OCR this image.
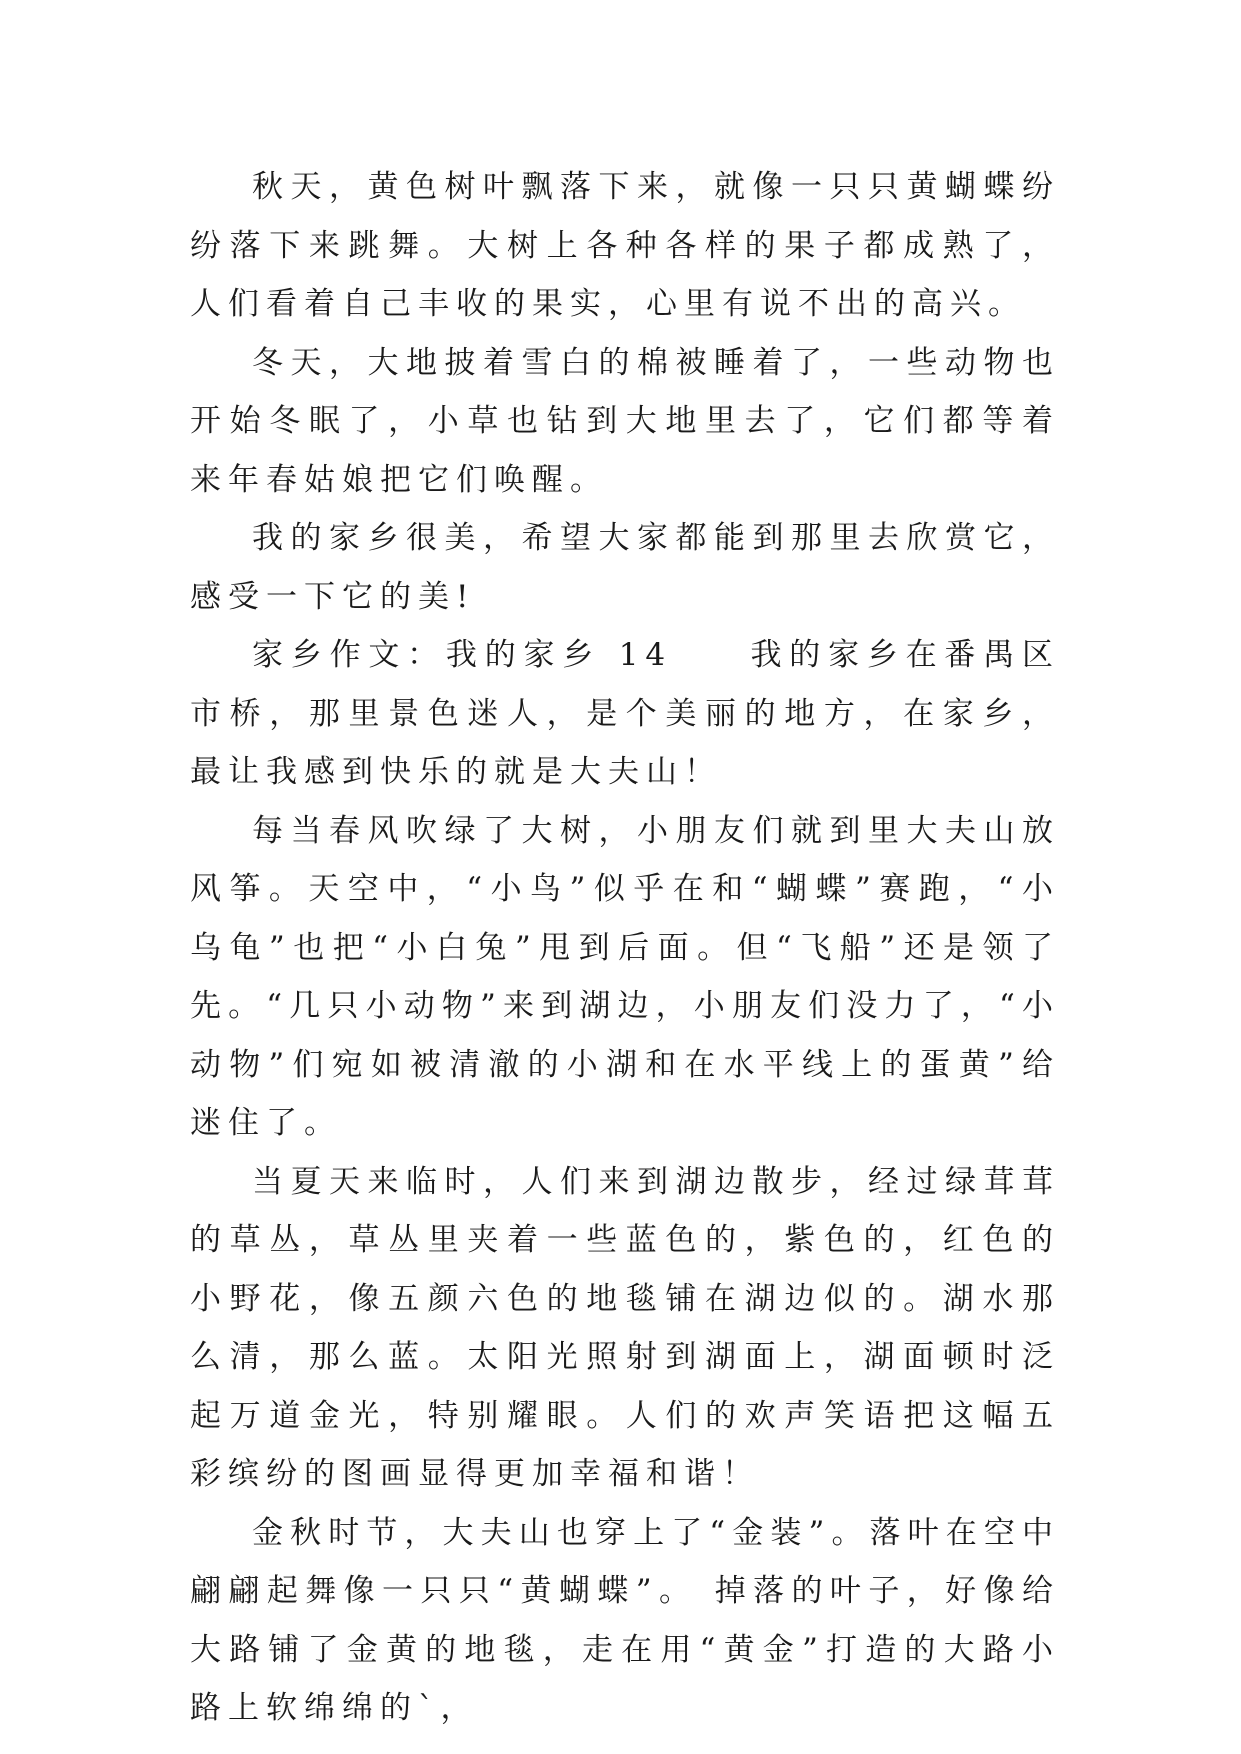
秋天，黄色树叶飘落下来，就像一只只黄蝴蝶纷纷落下来跳舞。大树上各种各样的果子都成熟了，人们看着自己丰收的果实，心里有说不出的高兴。

冬天，大地披着雪白的棉被睡着了，一些动物也开始冬眠了，小草也钻到大地里去了，它们都等着来年春姑娘把它们唤醒。

我的家乡很美，希望大家都能到那里去欣赏它，感受一下它的美!

家乡作文：我的家乡 14　　我的家乡在番禺区市桥，那里景色迷人，是个美丽的地方，在家乡，最让我感到快乐的就是大夫山！

每当春风吹绿了大树，小朋友们就到里大夫山放风筝。天空中，“小鸟”似乎在和“蝴蝶”赛跑，“小乌龟”也把“小白兔”甩到后面。但“飞船”还是领了先。“几只小动物”来到湖边，小朋友们没力了，“小动物”们宛如被清澈的小湖和在水平线上的蛋黄”给迷住了。

当夏天来临时，人们来到湖边散步，经过绿茸茸的草丛，草丛里夹着一些蓝色的，紫色的，红色的小野花，像五颜六色的地毯铺在湖边似的。湖水那么清，那么蓝。太阳光照射到湖面上，湖面顿时泛起万道金光，特别耀眼。人们的欢声笑语把这幅五彩缤纷的图画显得更加幸福和谐！

金秋时节，大夫山也穿上了“金装”。落叶在空中翩翩起舞像一只只“黄蝴蝶”。 掉落的叶子，好像给大路铺了金黄的地毯，走在用“黄金”打造的大路小路上软绵绵的`，
